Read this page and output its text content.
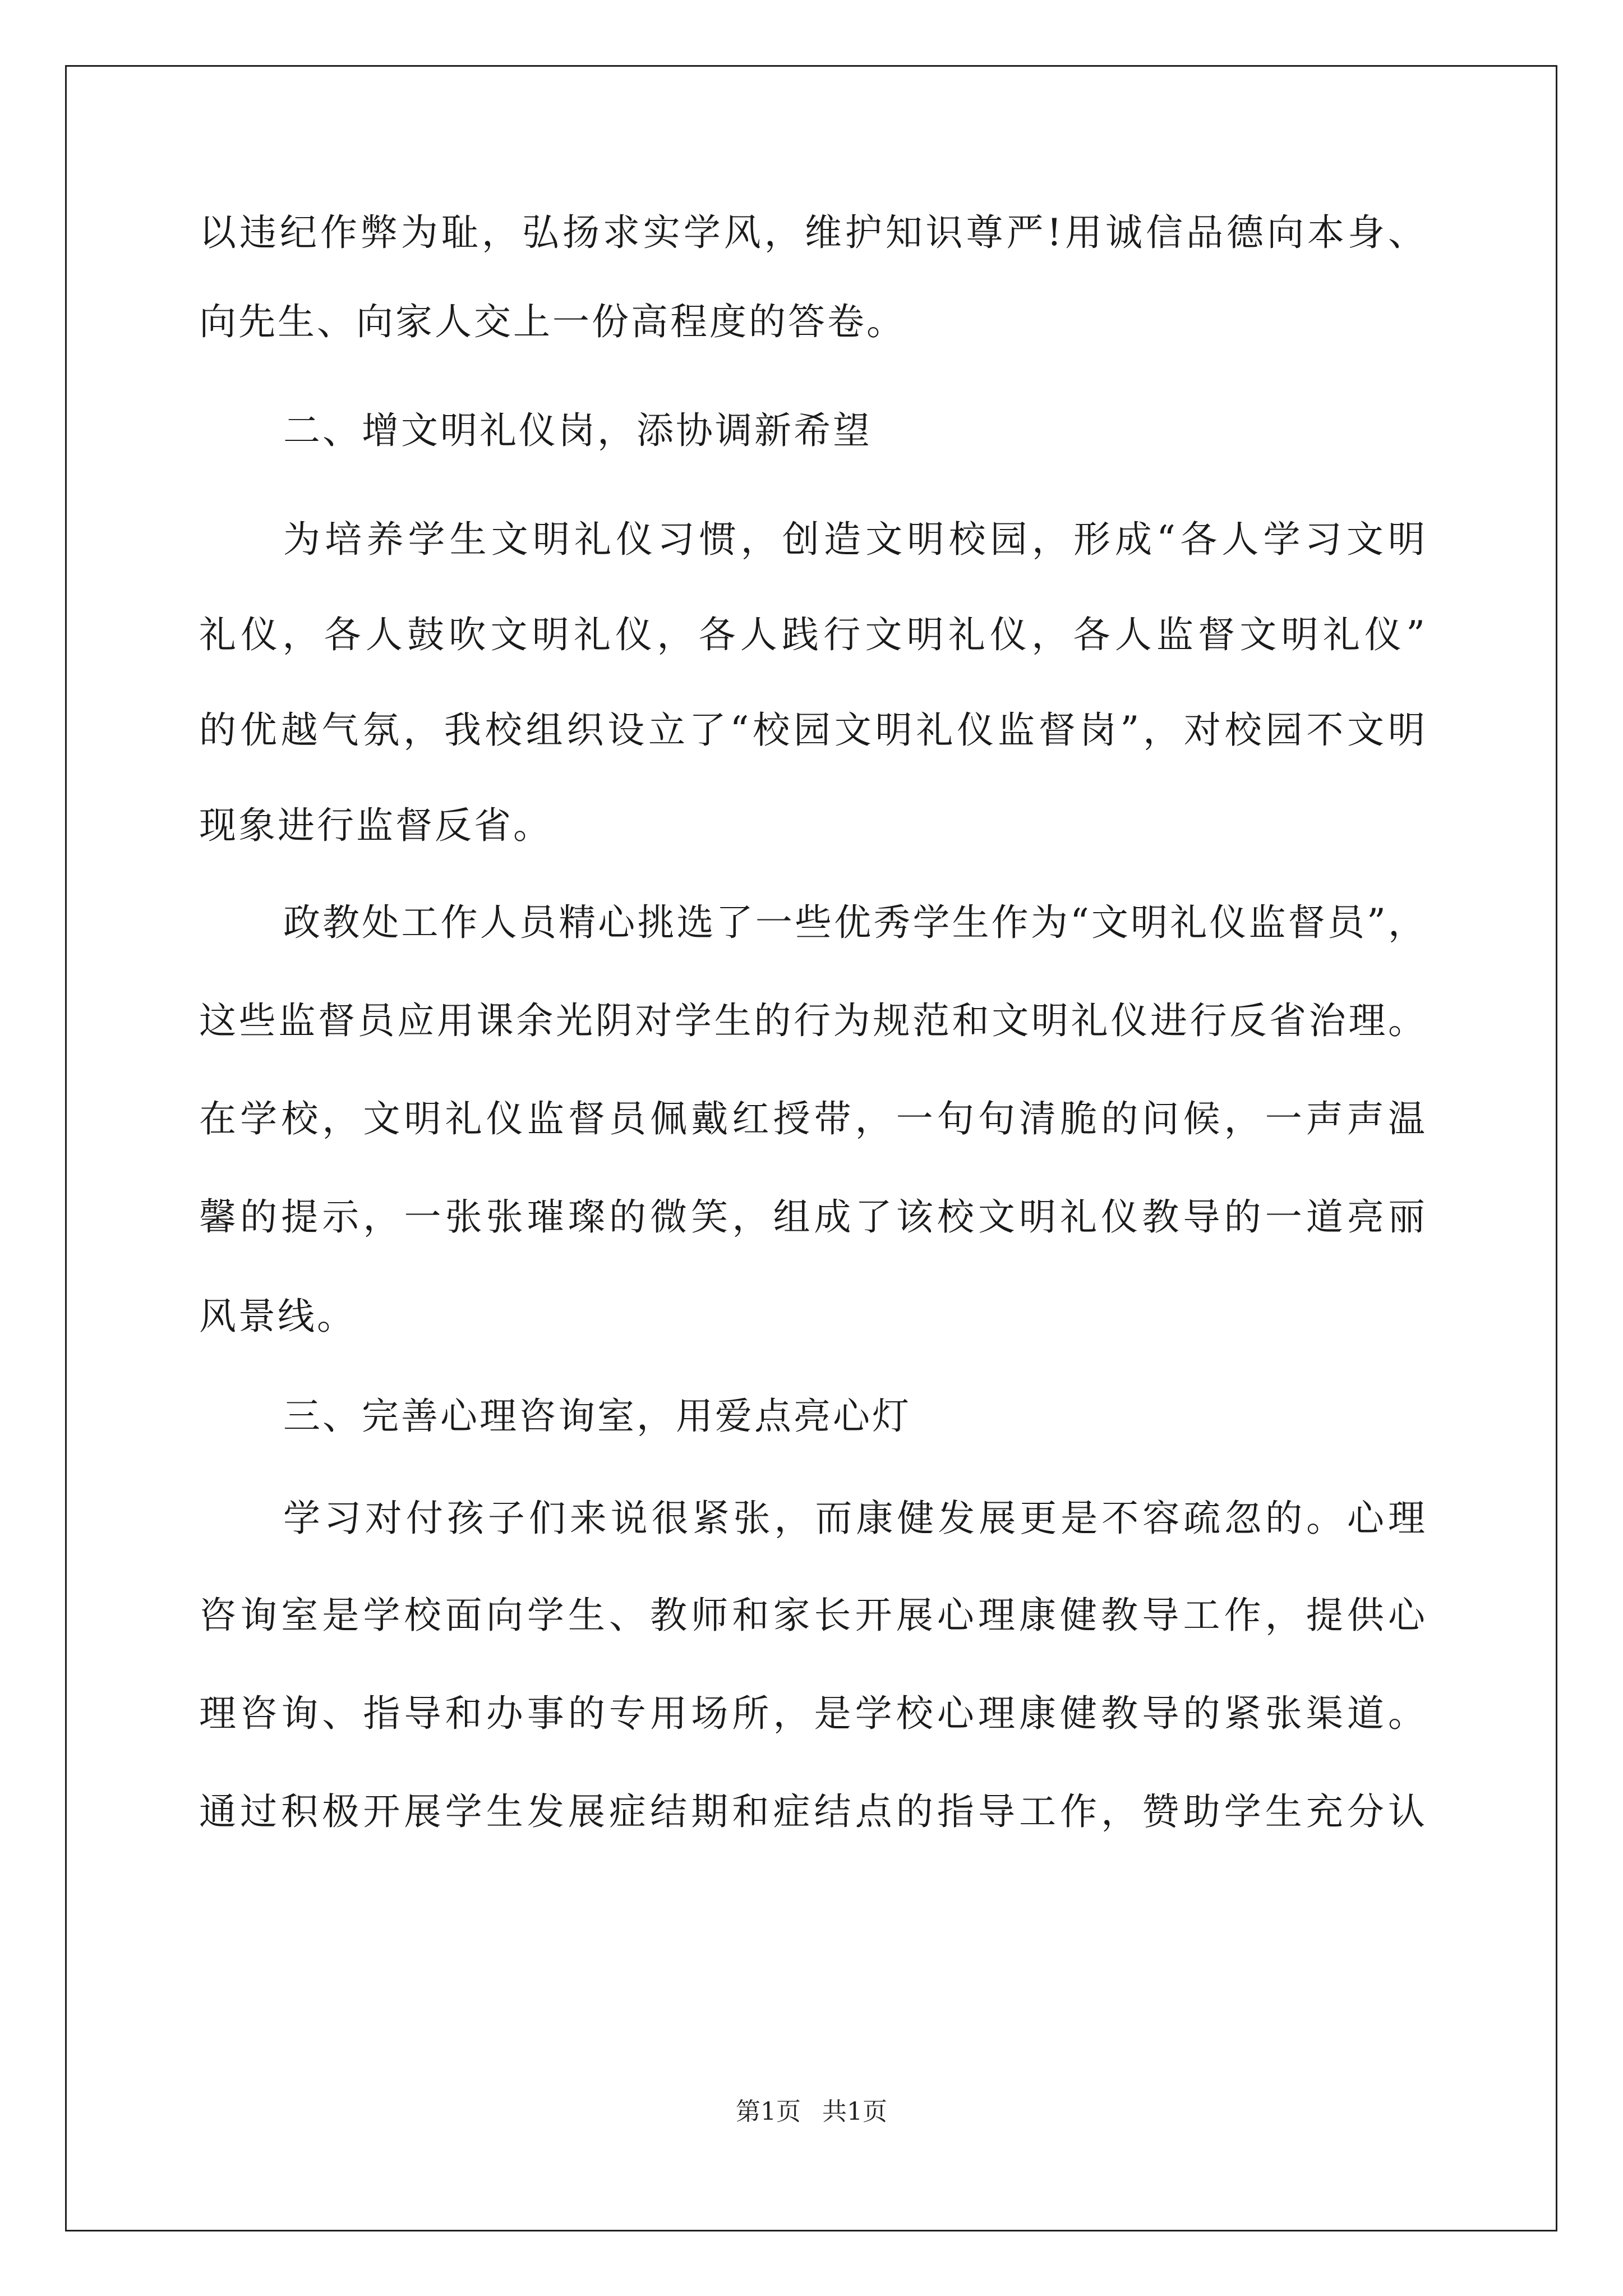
以违纪作弊为耻，弘扬求实学风，维护知识尊严!用诚信品德向本身、
向先生、向家人交上一份高程度的答卷。
二、增文明礼仪岗，添协调新希望
为培养学生文明礼仪习惯，创造文明校园，形成“各人学习文明
礼仪，各人鼓吹文明礼仪，各人践行文明礼仪，各人监督文明礼仪”
的优越气氛，我校组织设立了“校园文明礼仪监督岗”，对校园不文明
现象进行监督反省。
政教处工作人员精心挑选了一些优秀学生作为“文明礼仪监督员”，
这些监督员应用课余光阴对学生的行为规范和文明礼仪进行反省治理。
在学校，文明礼仪监督员佩戴红授带，一句句清脆的问候，一声声温
馨的提示，一张张璀璨的微笑，组成了该校文明礼仪教导的一道亮丽
风景线。
三、完善心理咨询室，用爱点亮心灯
学习对付孩子们来说很紧张，而康健发展更是不容疏忽的。心理
咨询室是学校面向学生、教师和家长开展心理康健教导工作，提供心
理咨询、指导和办事的专用场所，是学校心理康健教导的紧张渠道。
通过积极开展学生发展症结期和症结点的指导工作，赞助学生充分认
第1页 共1页
